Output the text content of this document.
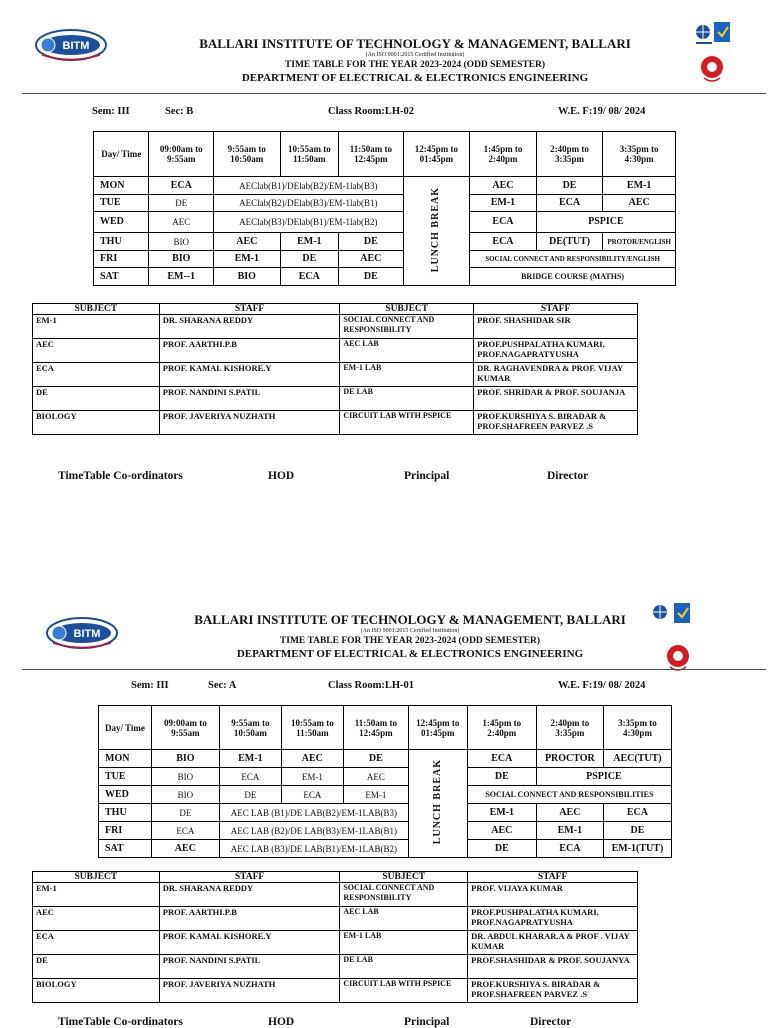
BITM	BALLARI INSTITUTE OF TECHNOLOGY & MANAGEMENT, BALLARI
(An ISO 9001:2015 Certified Institution)
TIME TABLE FOR THE YEAR 2023-2024 (ODD SEMESTER)
DEPARTMENT OF ELECTRICAL & ELECTRONICS ENGINEERING
Sem: III	Sec: B	Class Room:LH-02	W.E. F:19/ 08/ 2024
Day/ Time	09:00am to 9:55am	9:55am to 10:50am	10:55am to 11:50am	11:50am to 12:45pm	12:45pm to 01:45pm	1:45pm to 2:40pm	2:40pm to 3:35pm	3:35pm to 4:30pm
MON	ECA	AEClab(B1)/DElab(B2)/EM-1lab(B3)			LUNCH BREAK	AEC	DE	EM-1
TUE	DE	AEClab(B2)/DElab(B3)/EM-1lab(B1)				EM-1	ECA	AEC
WED	AEC	AEClab(B3)/DElab(B1)/EM-1lab(B2)				ECA	PSPICE	
THU	BIO	AEC	EM-1	DE		ECA	DE(TUT)	PROTOR/ENGLISH
FRI	BIO	EM-1	DE	AEC		SOCIAL CONNECT AND RESPONSIBILITY/ENGLISH		
SAT	EM--1	BIO	ECA	DE		BRIDGE COURSE (MATHS)		
SUBJECT	STAFF	SUBJECT	STAFF
EM-1	DR. SHARANA REDDY	SOCIAL CONNECT AND RESPONSIBILITY	PROF. SHASHIDAR SIR
AEC	PROF. AARTHI.P.B	AEC LAB	PROF.PUSHPALATHA KUMARI, PROF.NAGAPRATYUSHA
ECA	PROF. KAMAL KISHORE.Y	EM-1 LAB	DR. RAGHAVENDRA & PROF. VIJAY KUMAR
DE	PROF. NANDINI S.PATIL	DE LAB	PROF. SHRIDAR & PROF. SOUJANJA
BIOLOGY	PROF. JAVERIYA NUZHATH	CIRCUIT LAB WITH PSPICE	PROF.KURSHIYA S. BIRADAR & PROF.SHAFREEN PARVEZ .S
TimeTable Co-ordinators	HOD	Principal	Director
BITM
BALLARI INSTITUTE OF TECHNOLOGY & MANAGEMENT, BALLARI
(An ISO 9001:2015 Certified Institution)
TIME TABLE FOR THE YEAR 2023-2024 (ODD SEMESTER)
DEPARTMENT OF ELECTRICAL & ELECTRONICS ENGINEERING
Sem: III	Sec: A	Class Room:LH-01	W.E. F:19/ 08/ 2024
Day/ Time	09:00am to 9:55am	9:55am to 10:50am	10:55am to 11:50am	11:50am to 12:45pm	12:45pm to 01:45pm	1:45pm to 2:40pm	2:40pm to 3:35pm	3:35pm to 4:30pm
MON	BIO	EM-1	AEC	DE	LUNCH BREAK	ECA	PROCTOR	AEC(TUT)
TUE	BIO	ECA	EM-1	AEC		DE	PSPICE	
WED	BIO	DE	ECA	EM-1		SOCIAL CONNECT AND RESPONSIBILITIES		
THU	DE	AEC LAB (B1)/DE LAB(B2)/EM-1LAB(B3)				EM-1	AEC	ECA
FRI	ECA	AEC LAB (B2)/DE LAB(B3)/EM-1LAB(B1)				AEC	EM-1	DE
SAT	AEC	AEC LAB (B3)/DE LAB(B1)/EM-1LAB(B2)				DE	ECA	EM-1(TUT)
SUBJECT	STAFF	SUBJECT	STAFF
EM-1	DR. SHARANA REDDY	SOCIAL CONNECT AND RESPONSIBILITY	PROF. VIJAYA KUMAR
AEC	PROF. AARTHI.P.B	AEC LAB	PROF.PUSHPALATHA KUMARI, PROF.NAGAPRATYUSHA
ECA	PROF. KAMAL KISHORE.Y	EM-1 LAB	DR. ABDUL KHARAR.A & PROF . VIJAY KUMAR
DE	PROF. NANDINI S.PATIL	DE LAB	PROF.SHASHIDAR & PROF. SOUJANYA
BIOLOGY	PROF. JAVERIYA NUZHATH	CIRCUIT LAB WITH PSPICE	PROF.KURSHIYA S. BIRADAR & PROF.SHAFREEN PARVEZ .S
TimeTable Co-ordinators	HOD	Principal	Director
